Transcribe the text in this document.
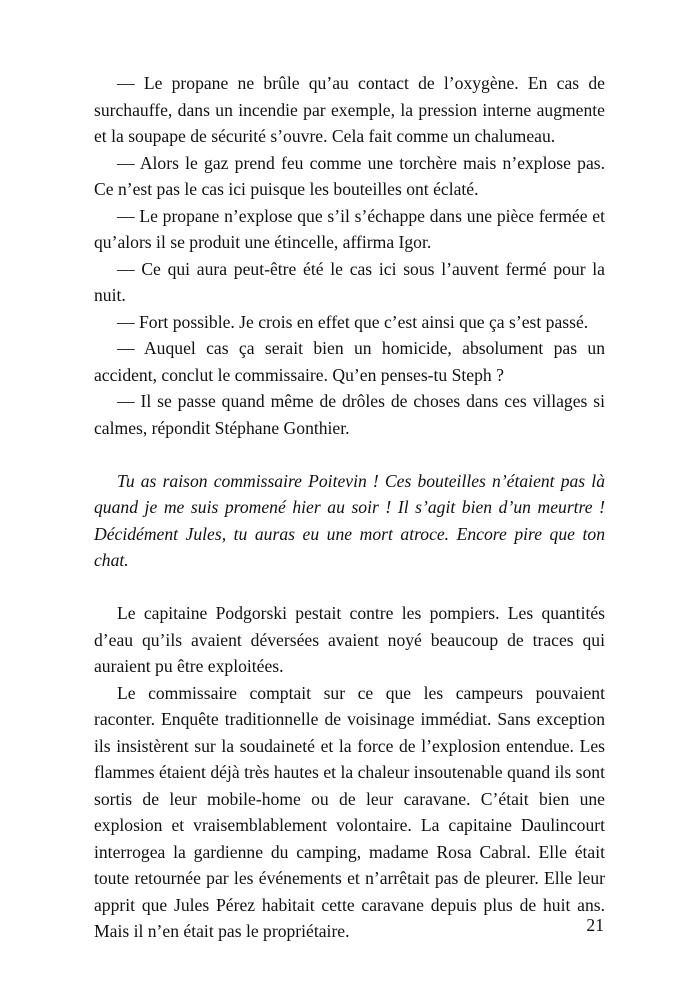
— Le propane ne brûle qu’au contact de l’oxygène. En cas de surchauffe, dans un incendie par exemple, la pression interne augmente et la soupape de sécurité s’ouvre. Cela fait comme un chalumeau.

— Alors le gaz prend feu comme une torchère mais n’explose pas. Ce n’est pas le cas ici puisque les bouteilles ont éclaté.

— Le propane n’explose que s’il s’échappe dans une pièce fermée et qu’alors il se produit une étincelle, affirma Igor.

— Ce qui aura peut-être été le cas ici sous l’auvent fermé pour la nuit.

— Fort possible. Je crois en effet que c’est ainsi que ça s’est passé.

— Auquel cas ça serait bien un homicide, absolument pas un accident, conclut le commissaire. Qu’en penses-tu Steph ?

— Il se passe quand même de drôles de choses dans ces villages si calmes, répondit Stéphane Gonthier.

Tu as raison commissaire Poitevin ! Ces bouteilles n’étaient pas là quand je me suis promené hier au soir ! Il s’agit bien d’un meurtre ! Décidément Jules, tu auras eu une mort atroce. Encore pire que ton chat.

Le capitaine Podgorski pestait contre les pompiers. Les quantités d’eau qu’ils avaient déversées avaient noyé beaucoup de traces qui auraient pu être exploitées.

Le commissaire comptait sur ce que les campeurs pouvaient raconter. Enquête traditionnelle de voisinage immédiat. Sans exception ils insistèrent sur la soudaineté et la force de l’explosion entendue. Les flammes étaient déjà très hautes et la chaleur insoutenable quand ils sont sortis de leur mobile-home ou de leur caravane. C’était bien une explosion et vraisemblablement volontaire. La capitaine Daulincourt interrogea la gardienne du camping, madame Rosa Cabral. Elle était toute retournée par les événements et n’arrêtait pas de pleurer. Elle leur apprit que Jules Pérez habitait cette caravane depuis plus de huit ans. Mais il n’en était pas le propriétaire.	21
